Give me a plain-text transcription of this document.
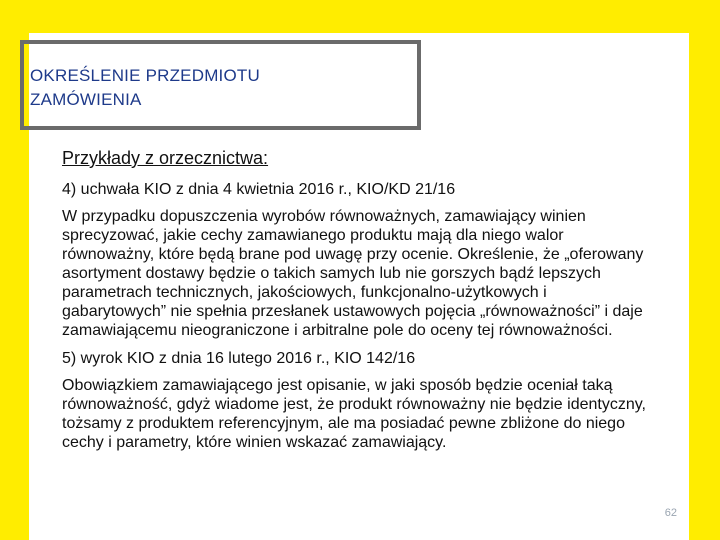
OKREŚLENIE PRZEDMIOTU
ZAMÓWIENIA
Przykłady z orzecznictwa:
4) uchwała KIO z dnia 4 kwietnia 2016 r., KIO/KD 21/16
W przypadku dopuszczenia wyrobów równoważnych, zamawiający winien sprecyzować, jakie cechy zamawianego produktu mają dla niego walor równoważny, które będą brane pod uwagę przy ocenie. Określenie, że „oferowany asortyment dostawy będzie o takich samych lub nie gorszych bądź lepszych parametrach technicznych, jakościowych, funkcjonalno-użytkowych i gabarytowych” nie spełnia przesłanek ustawowych pojęcia „równoważności” i daje zamawiającemu nieograniczone i arbitralne pole do oceny tej równoważności.
5) wyrok KIO z dnia 16 lutego 2016 r., KIO 142/16
Obowiązkiem zamawiającego jest opisanie, w jaki sposób będzie oceniał taką równoważność, gdyż wiadome jest, że produkt równoważny nie będzie identyczny, tożsamy z produktem referencyjnym, ale ma posiadać pewne zbliżone do niego cechy i parametry, które winien wskazać zamawiający.
62
